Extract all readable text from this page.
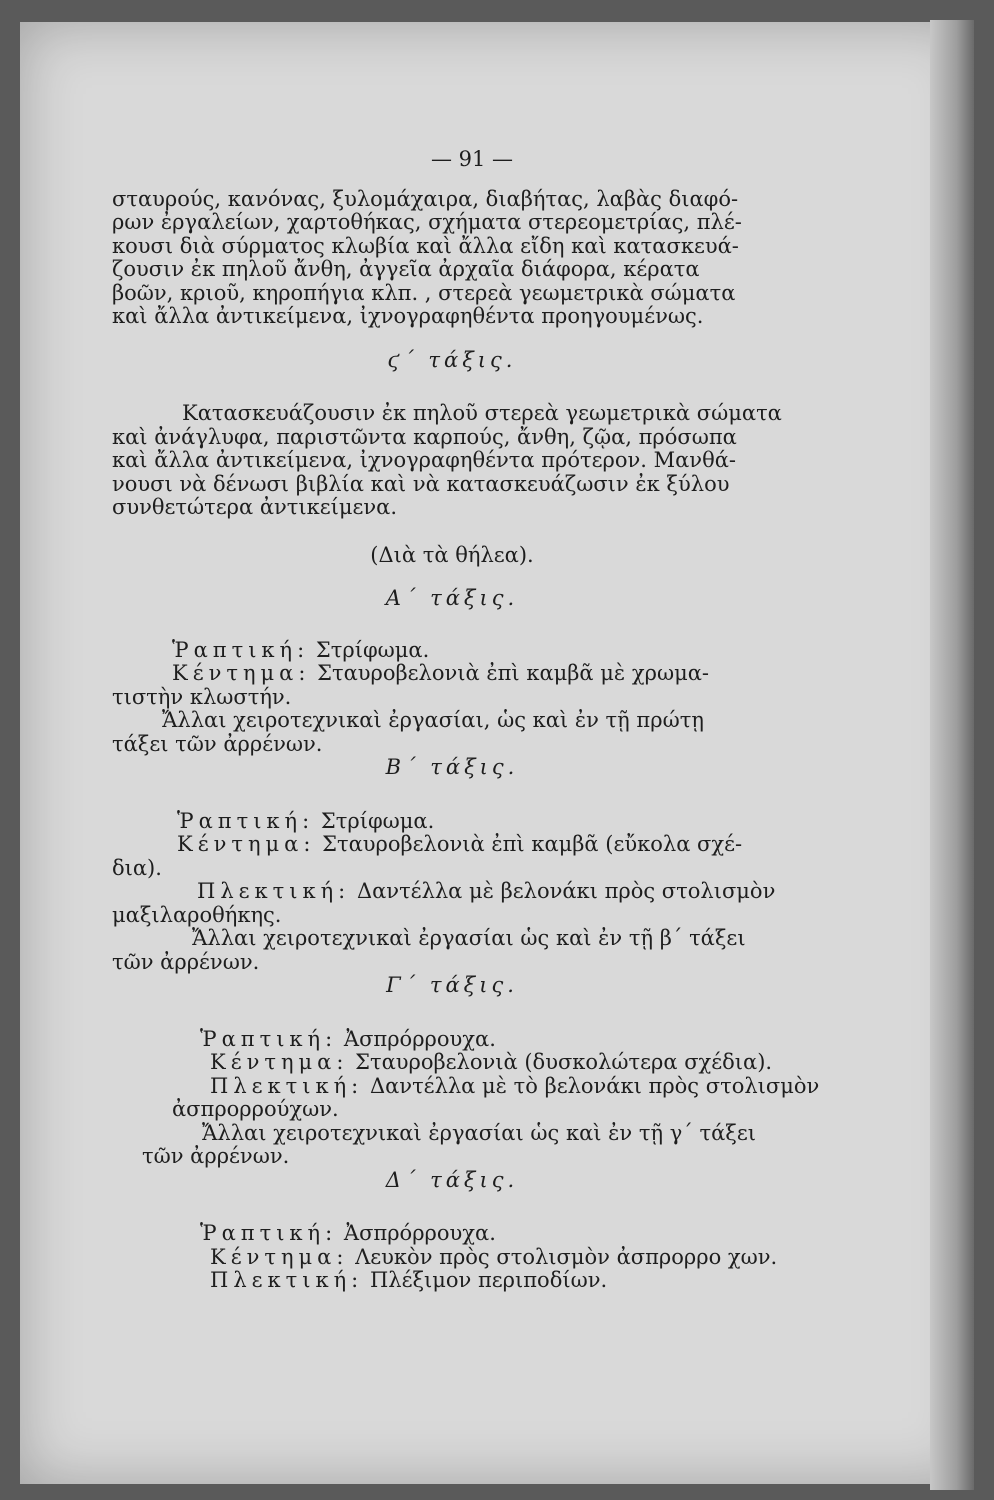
— 91 —
σταυρούς, κανόνας, ξυλομάχαιρα, διαβήτας, λαβὰς διαφό-
ρων ἐργαλείων, χαρτοθήκας, σχήματα στερεομετρίας, πλέ-
κουσι διὰ σύρματος κλωβία καὶ ἄλλα εἴδη καὶ κατασκευά-
ζουσιν ἐκ πηλοῦ ἄνθη, ἀγγεῖα ἀρχαῖα διάφορα, κέρατα
βοῶν, κριοῦ, κηροπήγια κλπ. , στερεὰ γεωμετρικὰ σώματα
καὶ ἄλλα ἀντικείμενα, ἰχνογραφηθέντα προηγουμένως.
ϛ΄ τάξις.
Κατασκευάζουσιν ἐκ πηλοῦ στερεὰ γεωμετρικὰ σώματα
καὶ ἀνάγλυφα, παριστῶντα καρπούς, ἄνθη, ζῷα, πρόσωπα
καὶ ἄλλα ἀντικείμενα, ἰχνογραφηθέντα πρότερον. Μανθά-
νουσι νὰ δένωσι βιβλία καὶ νὰ κατασκευάζωσιν ἐκ ξύλου
συνθετώτερα ἀντικείμενα.
(Διὰ τὰ θήλεα).
Α΄ τάξις.
Ῥαπτική: Στρίφωμα.
Κέντημα: Σταυροβελονιὰ ἐπὶ καμβᾶ μὲ χρωμα-
τιστὴν κλωστήν.
Ἄλλαι χειροτεχνικαὶ ἐργασίαι, ὡς καὶ ἐν τῇ πρώτῃ
τάξει τῶν ἀρρένων.
Β΄ τάξις.
Ῥαπτική: Στρίφωμα.
Κέντημα: Σταυροβελονιὰ ἐπὶ καμβᾶ (εὔκολα σχέ-
δια).
Πλεκτική: Δαντέλλα μὲ βελονάκι πρὸς στολισμὸν
μαξιλαροθήκης.
Ἄλλαι χειροτεχνικαὶ ἐργασίαι ὡς καὶ ἐν τῇ β΄ τάξει
τῶν ἀρρένων.
Γ΄ τάξις.
Ῥαπτική: Ἀσπρόρρουχα.
Κέντημα: Σταυροβελονιὰ (δυσκολώτερα σχέδια).
Πλεκτική: Δαντέλλα μὲ τὸ βελονάκι πρὸς στολισμὸν
ἀσπρορρούχων.
Ἄλλαι χειροτεχνικαὶ ἐργασίαι ὡς καὶ ἐν τῇ γ΄ τάξει
τῶν ἀρρένων.
Δ΄ τάξις.
Ῥαπτική: Ἀσπρόρρουχα.
Κέντημα: Λευκὸν πρὸς στολισμὸν ἀσπρορρο χων.
Πλεκτική: Πλέξιμον περιποδίων.
